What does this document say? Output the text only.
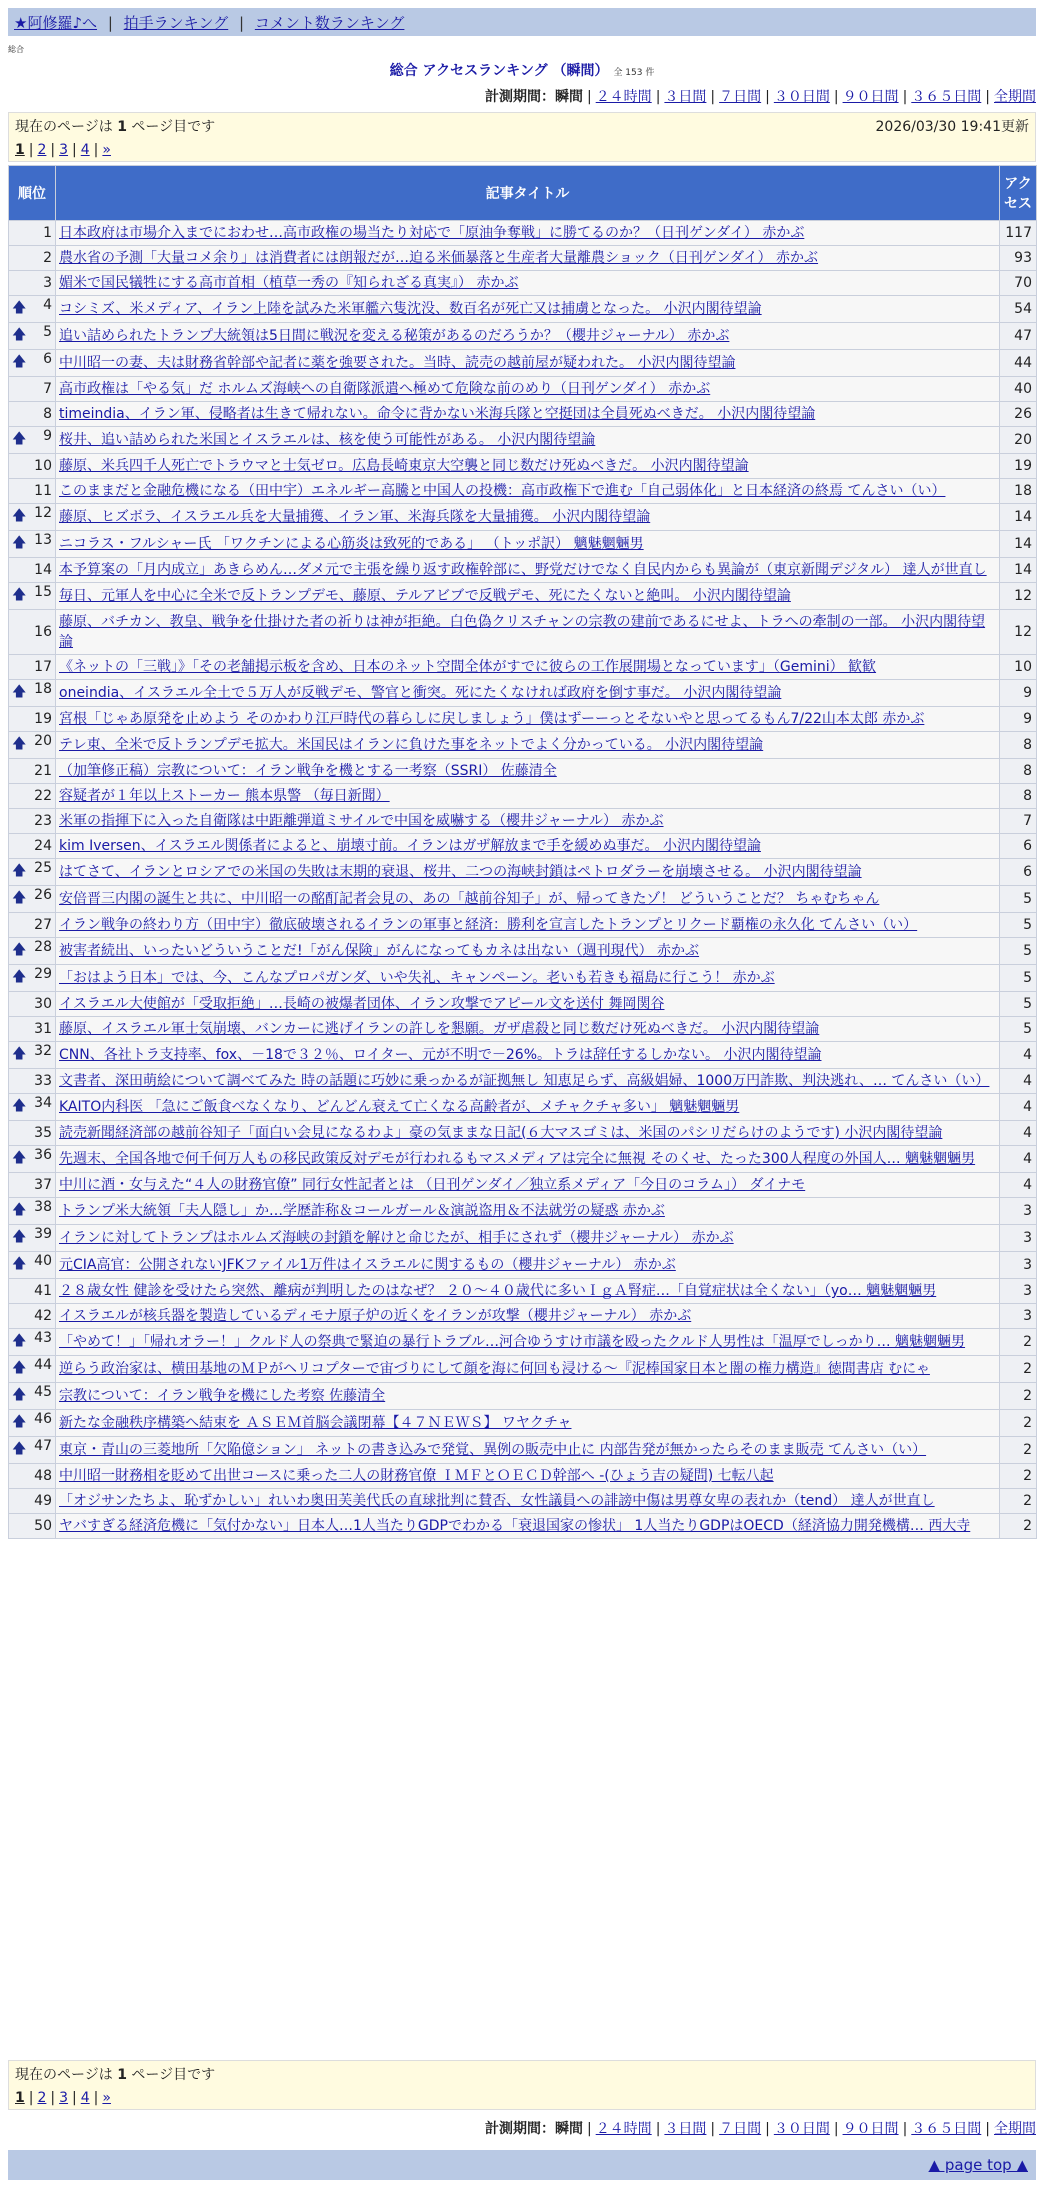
★阿修羅♪へ | 拍手ランキング | コメント数ランキング
総合
総合 アクセスランキング （瞬間） 全 153 件
計測期間：瞬間 | ２４時間 | ３日間 | ７日間 | ３０日間 | ９０日間 | ３６５日間 | 全期間
現在のページは 1 ページ目です	2026/03/30 19:41更新
1 | 2 | 3 | 4 | »
順位	記事タイトル	アクセス
1	日本政府は市場介入までにおわせ…高市政権の場当たり対応で「原油争奪戦」に勝てるのか？（日刊ゲンダイ） 赤かぶ	117
2	農水省の予測「大量コメ余り」は消費者には朗報だが…迫る米価暴落と生産者大量離農ショック（日刊ゲンダイ） 赤かぶ	93
3	媚米で国民犠牲にする高市首相（植草一秀の『知られざる真実』） 赤かぶ	70

🡅 4	コシミズ、米メディア、イラン上陸を試みた米軍艦六隻沈没、数百名が死亡又は捕虜となった。 小沢内閣待望論	54

🡅 5	追い詰められたトランプ大統領は5日間に戦況を変える秘策があるのだろうか？（櫻井ジャーナル） 赤かぶ	47

🡅 6	中川昭一の妻、夫は財務省幹部や記者に薬を強要された。当時、読売の越前屋が疑われた。 小沢内閣待望論	44
7	高市政権は「やる気」だ ホルムズ海峡への自衛隊派遣へ極めて危険な前のめり（日刊ゲンダイ） 赤かぶ	40
8	timeindia、イラン軍、侵略者は生きて帰れない。命令に背かない米海兵隊と空挺団は全員死ぬべきだ。 小沢内閣待望論	26

🡅 9	桜井、追い詰められた米国とイスラエルは、核を使う可能性がある。 小沢内閣待望論	20
10	藤原、米兵四千人死亡でトラウマと士気ゼロ。広島長崎東京大空襲と同じ数だけ死ぬべきだ。 小沢内閣待望論	19
11	このままだと金融危機になる（田中宇）エネルギー高騰と中国人の投機：高市政権下で進む「自己弱体化」と日本経済の終焉 てんさい（い）	18

🡅 12	藤原、ヒズボラ、イスラエル兵を大量捕獲、イラン軍、米海兵隊を大量捕獲。 小沢内閣待望論	14

🡅 13	ニコラス・フルシャー氏 「ワクチンによる心筋炎は致死的である」 （トッポ訳） 魑魅魍魎男	14
14	本予算案の「月内成立」あきらめん…ダメ元で主張を繰り返す政権幹部に、野党だけでなく自民内からも異論が（東京新聞デジタル） 達人が世直し	14

🡅 15	毎日、元軍人を中心に全米で反トランプデモ、藤原、テルアビブで反戦デモ、死にたくないと絶叫。 小沢内閣待望論	12
16	藤原、バチカン、教皇、戦争を仕掛けた者の祈りは神が拒絶。白色偽クリスチャンの宗教の建前であるにせよ、トラへの牽制の一部。 小沢内閣待望論	12
17	《ネットの「三戦」》「その老舗掲示板を含め、日本のネット空間全体がすでに彼らの工作展開場となっています」（Gemini） 歓歓	10

🡅 18	oneindia、イスラエル全土で５万人が反戦デモ、警官と衝突。死にたくなければ政府を倒す事だ。 小沢内閣待望論	9
19	宮根「じゃあ原発を止めよう そのかわり江戸時代の暮らしに戻しましょう」僕はずーーっとそないやと思ってるもん7/22山本太郎 赤かぶ	9

🡅 20	テレ東、全米で反トランプデモ拡大。米国民はイランに負けた事をネットでよく分かっている。 小沢内閣待望論	8
21	（加筆修正稿）宗教について：イラン戦争を機とする一考察（SSRI） 佐藤清全	8
22	容疑者が１年以上ストーカー 熊本県警 （毎日新聞）	8
23	米軍の指揮下に入った自衛隊は中距離弾道ミサイルで中国を威嚇する（櫻井ジャーナル） 赤かぶ	7
24	kim Iversen、イスラエル関係者によると、崩壊寸前。イランはガザ解放まで手を緩めぬ事だ。 小沢内閣待望論	6

🡅 25	はてさて、イランとロシアでの米国の失敗は末期的衰退、桜井、二つの海峡封鎖はペトロダラーを崩壊させる。 小沢内閣待望論	6

🡅 26	安倍晋三内閣の誕生と共に、中川昭一の酩酊記者会見の、あの「越前谷知子」が、帰ってきたゾ！ どういうことだ？ ちゃむちゃん	5
27	イラン戦争の終わり方（田中宇）徹底破壊されるイランの軍事と経済：勝利を宣言したトランプとリクード覇権の永久化 てんさい（い）	5

🡅 28	被害者続出、いったいどういうことだ!「がん保険」がんになってもカネは出ない（週刊現代） 赤かぶ	5

🡅 29	「おはよう日本」では、今、こんなプロパガンダ、いや失礼、キャンペーン。老いも若きも福島に行こう！ 赤かぶ	5
30	イスラエル大使館が「受取拒絶」…長崎の被爆者団体、イラン攻撃でアピール文を送付 舞岡関谷	5
31	藤原、イスラエル軍士気崩壊、バンカーに逃げイランの許しを懇願。ガザ虐殺と同じ数だけ死ぬべきだ。 小沢内閣待望論	5

🡅 32	CNN、各社トラ支持率、fox、－18で３２％、ロイター、元が不明で－26%。トラは辞任するしかない。 小沢内閣待望論	4
33	文書者、深田萌絵について調べてみた 時の話題に巧妙に乗っかるが証拠無し 知恵足らず、高級娼婦、1000万円詐欺、判決逃れ、… てんさい（い）	4

🡅 34	KAITO内科医 「急にご飯食べなくなり、どんどん衰えて亡くなる高齢者が、メチャクチャ多い」 魑魅魍魎男	4
35	読売新聞経済部の越前谷知子「面白い会見になるわよ」豪の気ままな日記(６大マスゴミは、米国のパシリだらけのようです) 小沢内閣待望論	4

🡅 36	先週末、全国各地で何千何万人もの移民政策反対デモが行われるもマスメディアは完全に無視 そのくせ、たった300人程度の外国人… 魑魅魍魎男	4
37	中川に酒・女与えた“４人の財務官僚” 同行女性記者とは （日刊ゲンダイ／独立系メディア「今日のコラム」） ダイナモ	4

🡅 38	トランプ米大統領「夫人隠し」か…学歴詐称＆コールガール＆演説盗用＆不法就労の疑惑 赤かぶ	3

🡅 39	イランに対してトランプはホルムズ海峡の封鎖を解けと命じたが、相手にされず（櫻井ジャーナル） 赤かぶ	3

🡅 40	元CIA高官：公開されないJFKファイル1万件はイスラエルに関するもの（櫻井ジャーナル） 赤かぶ	3
41	２８歳女性 健診を受けたら突然、離病が判明したのはなぜ？ ２０～４０歳代に多いＩｇＡ腎症…「自覚症状は全くない」（yo… 魑魅魍魎男	3
42	イスラエルが核兵器を製造しているディモナ原子炉の近くをイランが攻撃（櫻井ジャーナル） 赤かぶ	3

🡅 43	「やめて！」「帰れオラー！」クルド人の祭典で緊迫の暴行トラブル…河合ゆうすけ市議を殴ったクルド人男性は「温厚でしっかり… 魑魅魍魎男	2

🡅 44	逆らう政治家は、横田基地のＭＰがヘリコプターで宙づりにして顔を海に何回も浸ける～『泥棒国家日本と闇の権力構造』徳間書店 むにゃ	2

🡅 45	宗教について：イラン戦争を機にした考察 佐藤清全	2

🡅 46	新たな金融秩序構築へ結束を ＡＳＥＭ首脳会議閉幕【４７ＮＥＷＳ】 ワヤクチャ	2

🡅 47	東京・青山の三菱地所「欠陥億ション」 ネットの書き込みで発覚、異例の販売中止に 内部告発が無かったらそのまま販売 てんさい（い）	2
48	中川昭一財務相を貶めて出世コースに乗った二人の財務官僚 ＩＭＦとＯＥＣＤ幹部へ -(ひょう吉の疑問) 七転八起	2
49	「オジサンたちよ、恥ずかしい」れいわ奥田芙美代氏の直球批判に賛否、女性議員への誹謗中傷は男尊女卑の表れか（tend） 達人が世直し	2
50	ヤバすぎる経済危機に「気付かない」日本人…1人当たりGDPでわかる「衰退国家の惨状」 1人当たりGDPはOECD（経済協力開発機構… 西大寺	2
現在のページは 1 ページ目です
1 | 2 | 3 | 4 | »
計測期間：瞬間 | ２４時間 | ３日間 | ７日間 | ３０日間 | ９０日間 | ３６５日間 | 全期間
▲ page top ▲
